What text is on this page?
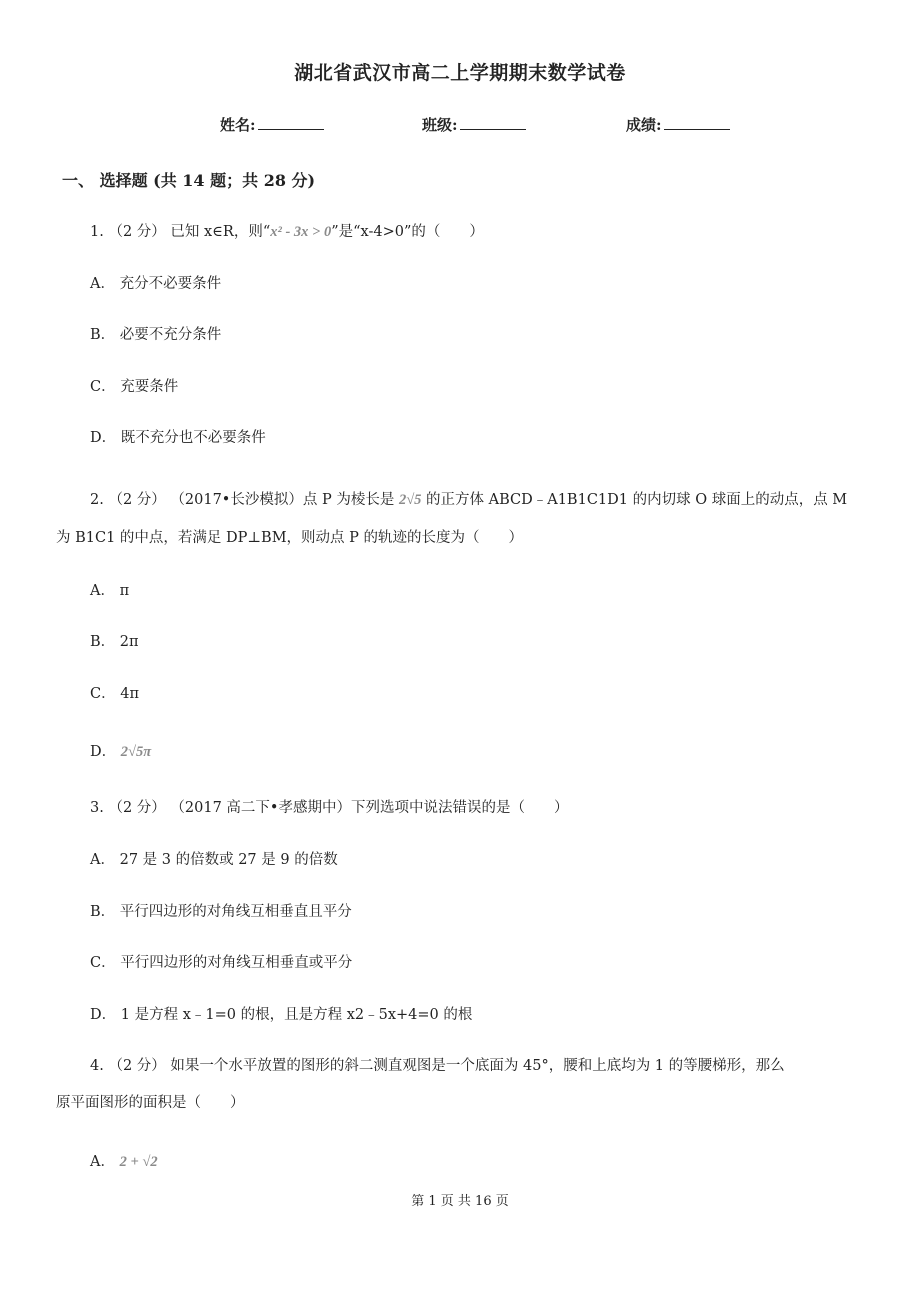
湖北省武汉市高二上学期期末数学试卷
姓名:	班级:	成绩:
一、 选择题 (共 14 题；共 28 分)
1. （2 分） 已知 x∈R，则“x² - 3x > 0”是“x-4>0”的（　　）
A． 充分不必要条件
B． 必要不充分条件
C． 充要条件
D． 既不充分也不必要条件
2. （2 分） （2017•长沙模拟）点 P 为棱长是 2√5 的正方体 ABCD﹣A1B1C1D1 的内切球 O 球面上的动点，点 M
为 B1C1 的中点，若满足 DP⊥BM，则动点 P 的轨迹的长度为（　　）
A． π
B． 2π
C． 4π
D． 2√5π
3. （2 分） （2017 高二下•孝感期中）下列选项中说法错误的是（　　）
A． 27 是 3 的倍数或 27 是 9 的倍数
B． 平行四边形的对角线互相垂直且平分
C． 平行四边形的对角线互相垂直或平分
D． 1 是方程 x﹣1=0 的根，且是方程 x2﹣5x+4=0 的根
4. （2 分） 如果一个水平放置的图形的斜二测直观图是一个底面为 45°，腰和上底均为 1 的等腰梯形，那么
原平面图形的面积是（　　）
A． 2 + √2
第 1 页 共 16 页
